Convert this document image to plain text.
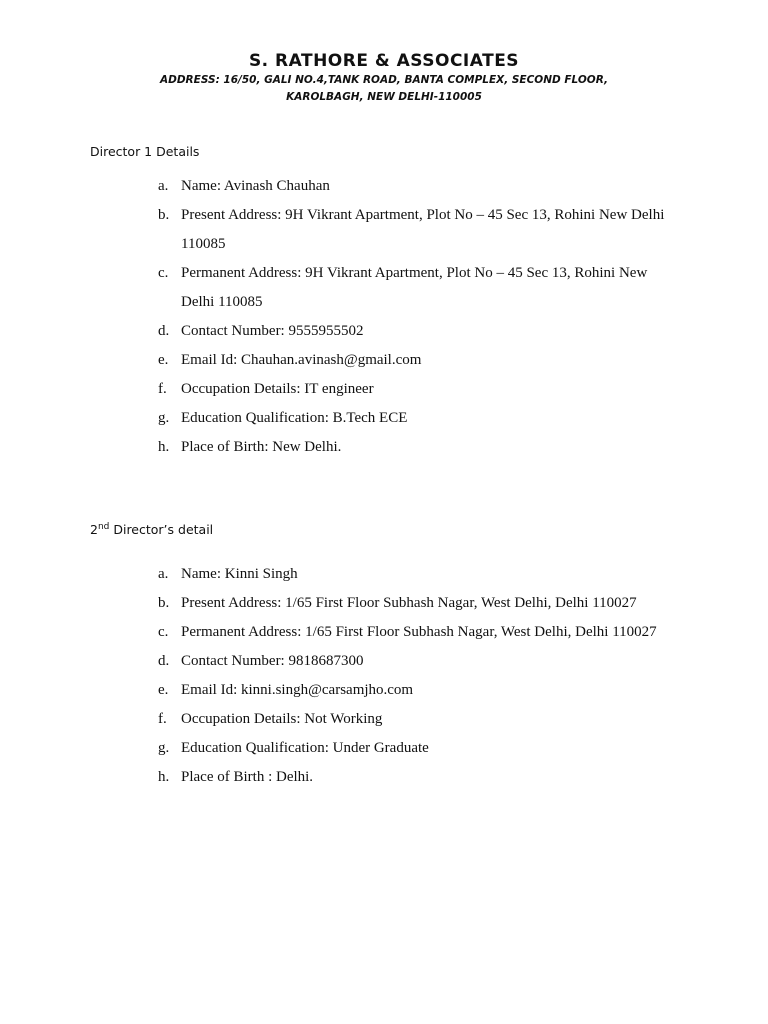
S. RATHORE & ASSOCIATES
ADDRESS: 16/50, GALI NO.4,TANK ROAD, BANTA COMPLEX, SECOND FLOOR,
KAROLBAGH, NEW DELHI-110005
Director 1 Details
a. Name: Avinash Chauhan
b. Present Address: 9H Vikrant Apartment, Plot No – 45 Sec 13, Rohini New Delhi 110085
c. Permanent Address: 9H Vikrant Apartment, Plot No – 45 Sec 13, Rohini New Delhi 110085
d. Contact Number: 9555955502
e. Email Id: Chauhan.avinash@gmail.com
f. Occupation Details: IT engineer
g. Education Qualification: B.Tech ECE
h. Place of Birth: New Delhi.
2nd Director’s detail
a. Name: Kinni Singh
b. Present Address: 1/65 First Floor Subhash Nagar, West Delhi, Delhi 110027
c. Permanent Address: 1/65 First Floor Subhash Nagar, West Delhi, Delhi 110027
d. Contact Number: 9818687300
e. Email Id: kinni.singh@carsamjho.com
f. Occupation Details: Not Working
g. Education Qualification: Under Graduate
h. Place of Birth : Delhi.
